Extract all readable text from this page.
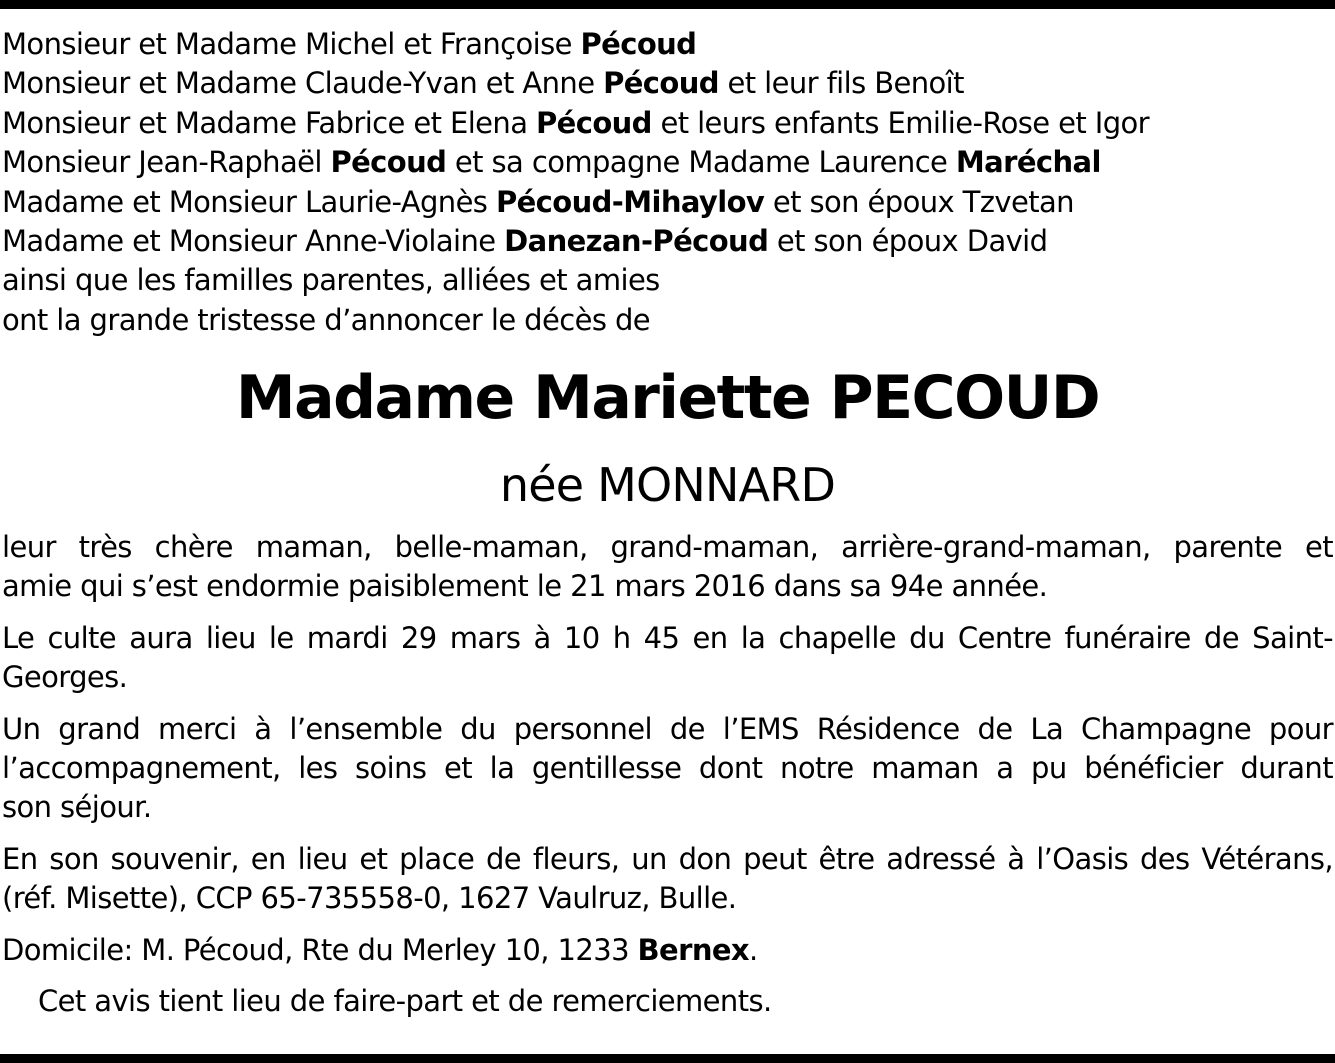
Monsieur et Madame Michel et Françoise Pécoud
Monsieur et Madame Claude-Yvan et Anne Pécoud et leur fils Benoît
Monsieur et Madame Fabrice et Elena Pécoud et leurs enfants Emilie-Rose et Igor
Monsieur Jean-Raphaël Pécoud et sa compagne Madame Laurence Maréchal
Madame et Monsieur Laurie-Agnès Pécoud-Mihaylov et son époux Tzvetan
Madame et Monsieur Anne-Violaine Danezan-Pécoud et son époux David
ainsi que les familles parentes, alliées et amies
ont la grande tristesse d’annoncer le décès de
Madame Mariette PECOUD
née MONNARD
leur très chère maman, belle-maman, grand-maman, arrière-grand-maman, parente et
amie qui s’est endormie paisiblement le 21 mars 2016 dans sa 94e année.
Le culte aura lieu le mardi 29 mars à 10 h 45 en la chapelle du Centre funéraire de Saint-
Georges.
Un grand merci à l’ensemble du personnel de l’EMS Résidence de La Champagne pour
l’accompagnement, les soins et la gentillesse dont notre maman a pu bénéficier durant
son séjour.
En son souvenir, en lieu et place de fleurs, un don peut être adressé à l’Oasis des Vétérans,
(réf. Misette), CCP 65-735558-0, 1627 Vaulruz, Bulle.
Domicile: M. Pécoud, Rte du Merley 10, 1233 Bernex.
Cet avis tient lieu de faire-part et de remerciements.
